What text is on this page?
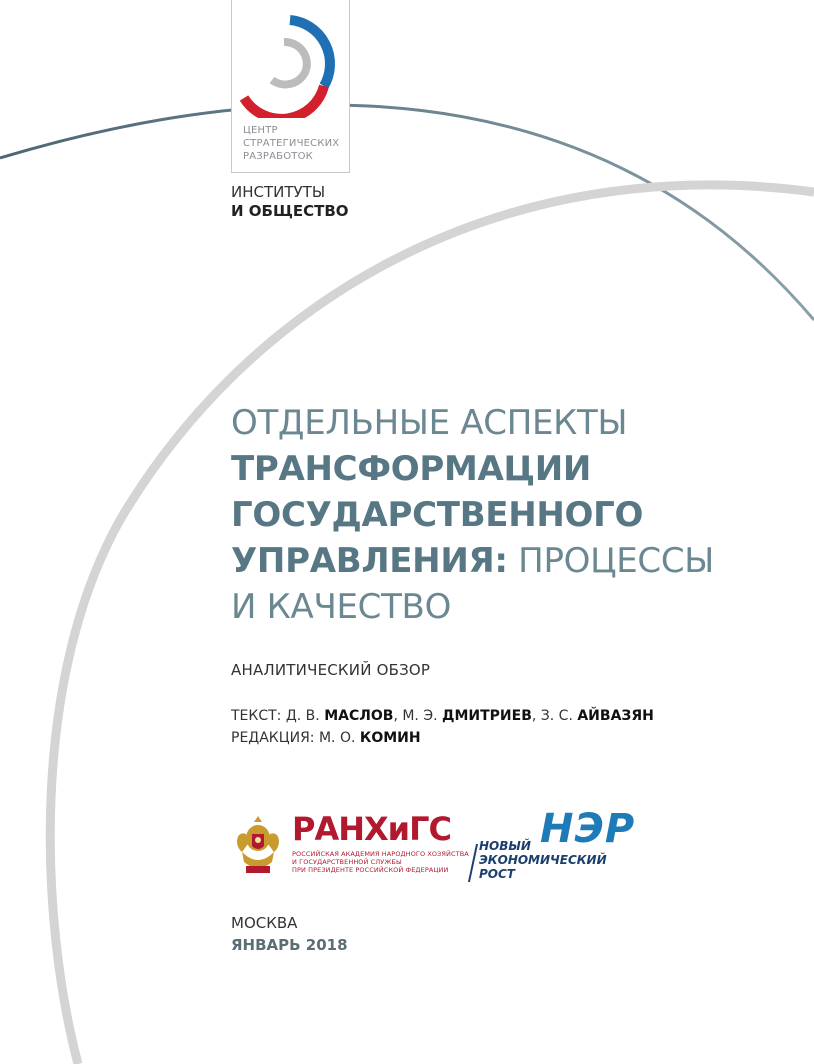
ЦЕНТР
СТРАТЕГИЧЕСКИХ
РАЗРАБОТОК
ИНСТИТУТЫ
И ОБЩЕСТВО
ОТДЕЛЬНЫЕ АСПЕКТЫ
ТРАНСФОРМАЦИИ
ГОСУДАРСТВЕННОГО
УПРАВЛЕНИЯ: ПРОЦЕССЫ
И КАЧЕСТВО
АНАЛИТИЧЕСКИЙ ОБЗОР
ТЕКСТ: Д. В. МАСЛОВ, М. Э. ДМИТРИЕВ, З. С. АЙВАЗЯН
РЕДАКЦИЯ: М. О. КОМИН
РАНХиГС
РОССИЙСКАЯ АКАДЕМИЯ НАРОДНОГО ХОЗЯЙСТВА
И ГОСУДАРСТВЕННОЙ СЛУЖБЫ
ПРИ ПРЕЗИДЕНТЕ РОССИЙСКОЙ ФЕДЕРАЦИИ
НЭР
НОВЫЙ
ЭКОНОМИЧЕСКИЙ
РОСТ
МОСКВА
ЯНВАРЬ 2018
